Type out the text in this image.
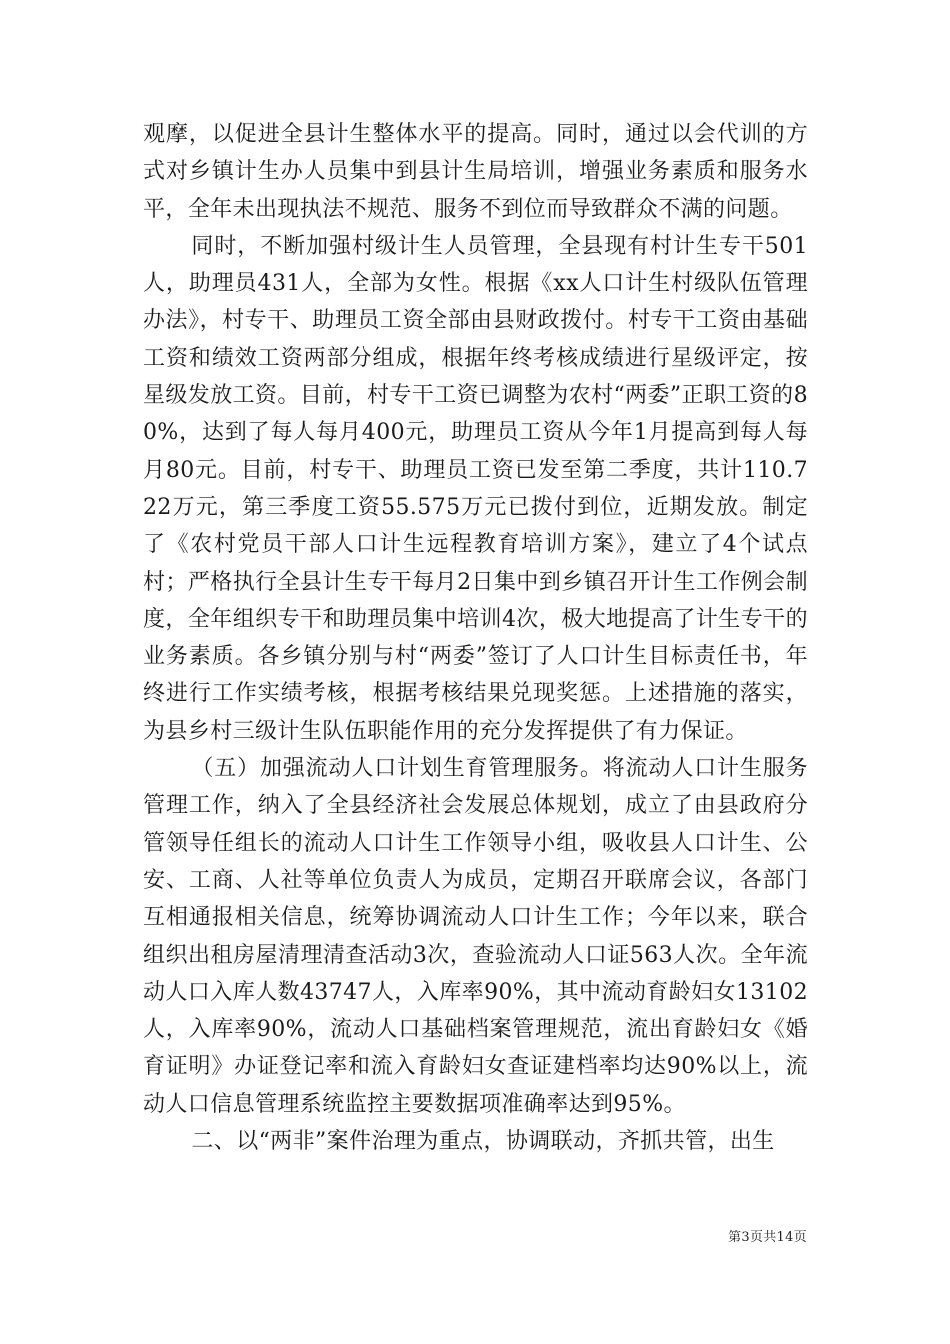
观摩，以促进全县计生整体水平的提高。同时，通过以会代训的方式对乡镇计生办人员集中到县计生局培训，增强业务素质和服务水平，全年未出现执法不规范、服务不到位而导致群众不满的问题。

同时，不断加强村级计生人员管理，全县现有村计生专干501人，助理员431人，全部为女性。根据《xx人口计生村级队伍管理办法》，村专干、助理员工资全部由县财政拨付。村专干工资由基础工资和绩效工资两部分组成，根据年终考核成绩进行星级评定，按星级发放工资。目前，村专干工资已调整为农村“两委”正职工资的80%，达到了每人每月400元，助理员工资从今年1月提高到每人每月80元。目前，村专干、助理员工资已发至第二季度，共计110.722万元，第三季度工资55.575万元已拨付到位，近期发放。制定了《农村党员干部人口计生远程教育培训方案》，建立了4个试点村；严格执行全县计生专干每月2日集中到乡镇召开计生工作例会制度，全年组织专干和助理员集中培训4次，极大地提高了计生专干的业务素质。各乡镇分别与村“两委”签订了人口计生目标责任书，年终进行工作实绩考核，根据考核结果兑现奖惩。上述措施的落实，为县乡村三级计生队伍职能作用的充分发挥提供了有力保证。

（五）加强流动人口计划生育管理服务。将流动人口计生服务管理工作，纳入了全县经济社会发展总体规划，成立了由县政府分管领导任组长的流动人口计生工作领导小组，吸收县人口计生、公安、工商、人社等单位负责人为成员，定期召开联席会议，各部门互相通报相关信息，统筹协调流动人口计生工作；今年以来，联合组织出租房屋清理清查活动3次，查验流动人口证563人次。全年流动人口入库人数43747人，入库率90%，其中流动育龄妇女13102人，入库率90%，流动人口基础档案管理规范，流出育龄妇女《婚育证明》办证登记率和流入育龄妇女查证建档率均达90%以上，流动人口信息管理系统监控主要数据项准确率达到95%。

二、以“两非”案件治理为重点，协调联动，齐抓共管，出生

第3页共14页
